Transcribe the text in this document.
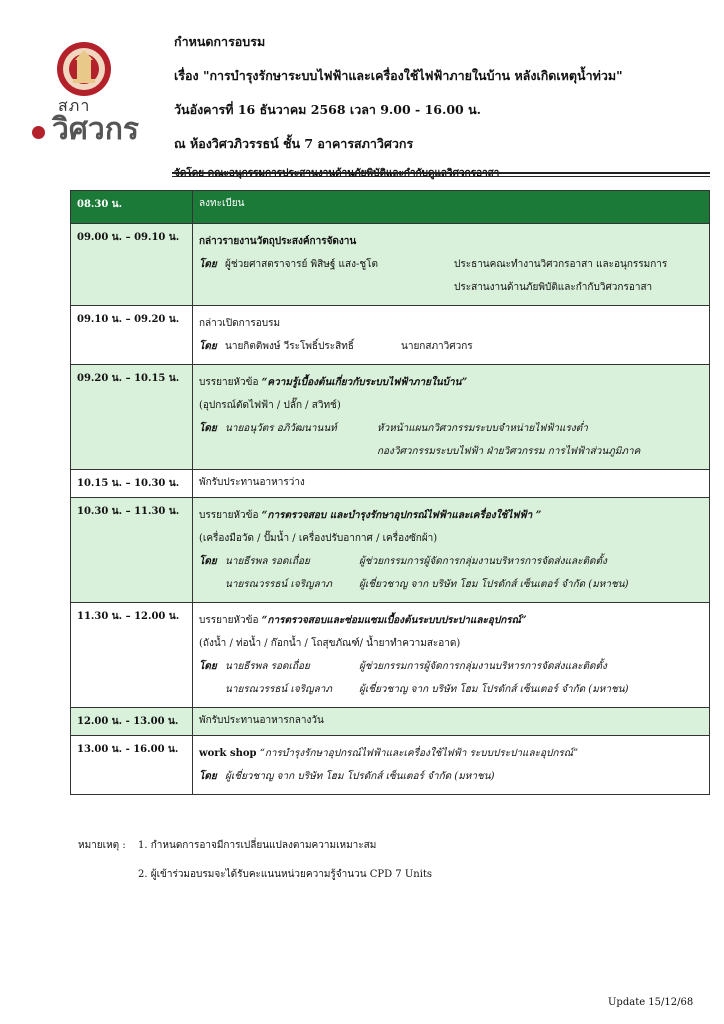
สภา
วิศวกร
กำหนดการอบรม
เรื่อง "การบำรุงรักษาระบบไฟฟ้าและเครื่องใช้ไฟฟ้าภายในบ้าน หลังเกิดเหตุน้ำท่วม"
วันอังคารที่ 16 ธันวาคม 2568 เวลา 9.00 - 16.00 น.
ณ ห้องวิศวภิวรรธน์ ชั้น 7 อาคารสภาวิศวกร
จัดโดย คณะอนุกรรมการประสานงานด้านภัยพิบัติและกำกับดูแลวิศวกรอาสา
08.30 น.	ลงทะเบียน
09.00 น. – 09.10 น.	กล่าวรายงานวัตถุประสงค์การจัดงาน
โดย ผู้ช่วยศาสตราจารย์ พิสิษฐ์ แสง-ชูโต ประธานคณะทำงานวิศวกรอาสา และอนุกรรมการ
ประสานงานด้านภัยพิบัติและกำกับวิศวกรอาสา

09.10 น. – 09.20 น.	กล่าวเปิดการอบรม
โดย นายกิตติพงษ์ วีระโพธิ์ประสิทธิ์ นายกสภาวิศวกร

09.20 น. – 10.15 น.	บรรยายหัวข้อ “ความรู้เบื้องต้นเกี่ยวกับระบบไฟฟ้าภายในบ้าน”
(อุปกรณ์ตัดไฟฟ้า / ปลั๊ก / สวิทช์)
โดย นายอนุวัตร อภิวัฒนานนท์ หัวหน้าแผนกวิศวกรรมระบบจำหน่ายไฟฟ้าแรงต่ำ
กองวิศวกรรมระบบไฟฟ้า ฝ่ายวิศวกรรม การไฟฟ้าส่วนภูมิภาค

10.15 น. – 10.30 น.	พักรับประทานอาหารว่าง
10.30 น. – 11.30 น.	บรรยายหัวข้อ “การตรวจสอบ และบำรุงรักษาอุปกรณ์ไฟฟ้าและเครื่องใช้ไฟฟ้า ”
(เครื่องมือวัด / ปั๊มน้ำ / เครื่องปรับอากาศ / เครื่องซักผ้า)
โดย นายธีรพล รอดเถื่อย ผู้ช่วยกรรมการผู้จัดการกลุ่มงานบริหารการจัดส่งและติดตั้ง
นายรณวรรธน์ เจริญลาภ ผู้เชี่ยวชาญ จาก บริษัท โฮม โปรดักส์ เซ็นเตอร์ จำกัด (มหาชน)

11.30 น. – 12.00 น.	บรรยายหัวข้อ “การตรวจสอบและซ่อมแซมเบื้องต้นระบบประปาและอุปกรณ์”
(ถังน้ำ / ท่อน้ำ / ก๊อกน้ำ / โถสุขภัณฑ์/ น้ำยาทำความสะอาด)
โดย นายธีรพล รอดเถื่อย ผู้ช่วยกรรมการผู้จัดการกลุ่มงานบริหารการจัดส่งและติดตั้ง
นายรณวรรธน์ เจริญลาภ ผู้เชี่ยวชาญ จาก บริษัท โฮม โปรดักส์ เซ็นเตอร์ จำกัด (มหาชน)

12.00 น. - 13.00 น.	พักรับประทานอาหารกลางวัน
13.00 น. - 16.00 น.	work shop “การบำรุงรักษาอุปกรณ์ไฟฟ้าและเครื่องใช้ไฟฟ้า ระบบประปาและอุปกรณ์”
โดย ผู้เชี่ยวชาญ จาก บริษัท โฮม โปรดักส์ เซ็นเตอร์ จำกัด (มหาชน)
หมายเหตุ : 1. กำหนดการอาจมีการเปลี่ยนแปลงตามความเหมาะสม
2. ผู้เข้าร่วมอบรมจะได้รับคะแนนหน่วยความรู้จำนวน CPD 7 Units
Update 15/12/68
